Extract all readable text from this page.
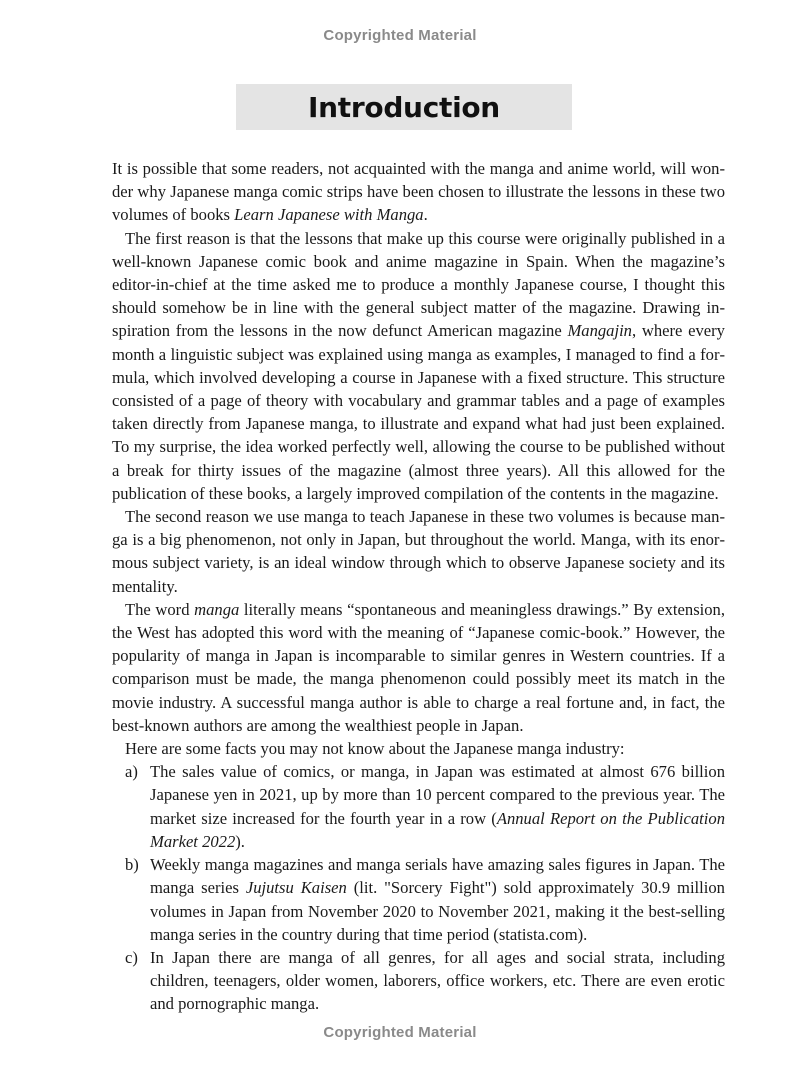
Copyrighted Material
Introduction

It is possible that some readers, not acquainted with the manga and anime world, will wonder why Japanese manga comic strips have been chosen to illustrate the lessons in these two volumes of books Learn Japanese with Manga.

The first reason is that the lessons that make up this course were originally published in a well-known Japanese comic book and anime magazine in Spain. When the magazine’s editor-in-chief at the time asked me to produce a monthly Japanese course, I thought this should somehow be in line with the general subject matter of the magazine. Drawing inspiration from the lessons in the now defunct American magazine Mangajin, where every month a linguistic subject was explained using manga as examples, I managed to find a formula, which involved developing a course in Japanese with a fixed structure. This structure consisted of a page of theory with vocabulary and grammar tables and a page of examples taken directly from Japanese manga, to illustrate and expand what had just been explained. To my surprise, the idea worked perfectly well, allowing the course to be published without a break for thirty issues of the magazine (almost three years). All this allowed for the publication of these books, a largely improved compilation of the contents in the magazine.

The second reason we use manga to teach Japanese in these two volumes is because manga is a big phenomenon, not only in Japan, but throughout the world. Manga, with its enormous subject variety, is an ideal window through which to observe Japanese society and its mentality.

The word manga literally means “spontaneous and meaningless drawings.” By extension, the West has adopted this word with the meaning of “Japanese comic-book.” However, the popularity of manga in Japan is incomparable to similar genres in Western countries. If a comparison must be made, the manga phenomenon could possibly meet its match in the movie industry. A successful manga author is able to charge a real fortune and, in fact, the best-known authors are among the wealthiest people in Japan.

Here are some facts you may not know about the Japanese manga industry:

a) The sales value of comics, or manga, in Japan was estimated at almost 676 billion Japanese yen in 2021, up by more than 10 percent compared to the previous year. The market size increased for the fourth year in a row (Annual Report on the Publication Market 2022).
b) Weekly manga magazines and manga serials have amazing sales figures in Japan. The manga series Jujutsu Kaisen (lit. "Sorcery Fight") sold approximately 30.9 million volumes in Japan from November 2020 to November 2021, making it the best-selling manga series in the country during that time period (statista.com).
c) In Japan there are manga of all genres, for all ages and social strata, including children, teenagers, older women, laborers, office workers, etc. There are even erotic and pornographic manga.
Copyrighted Material
